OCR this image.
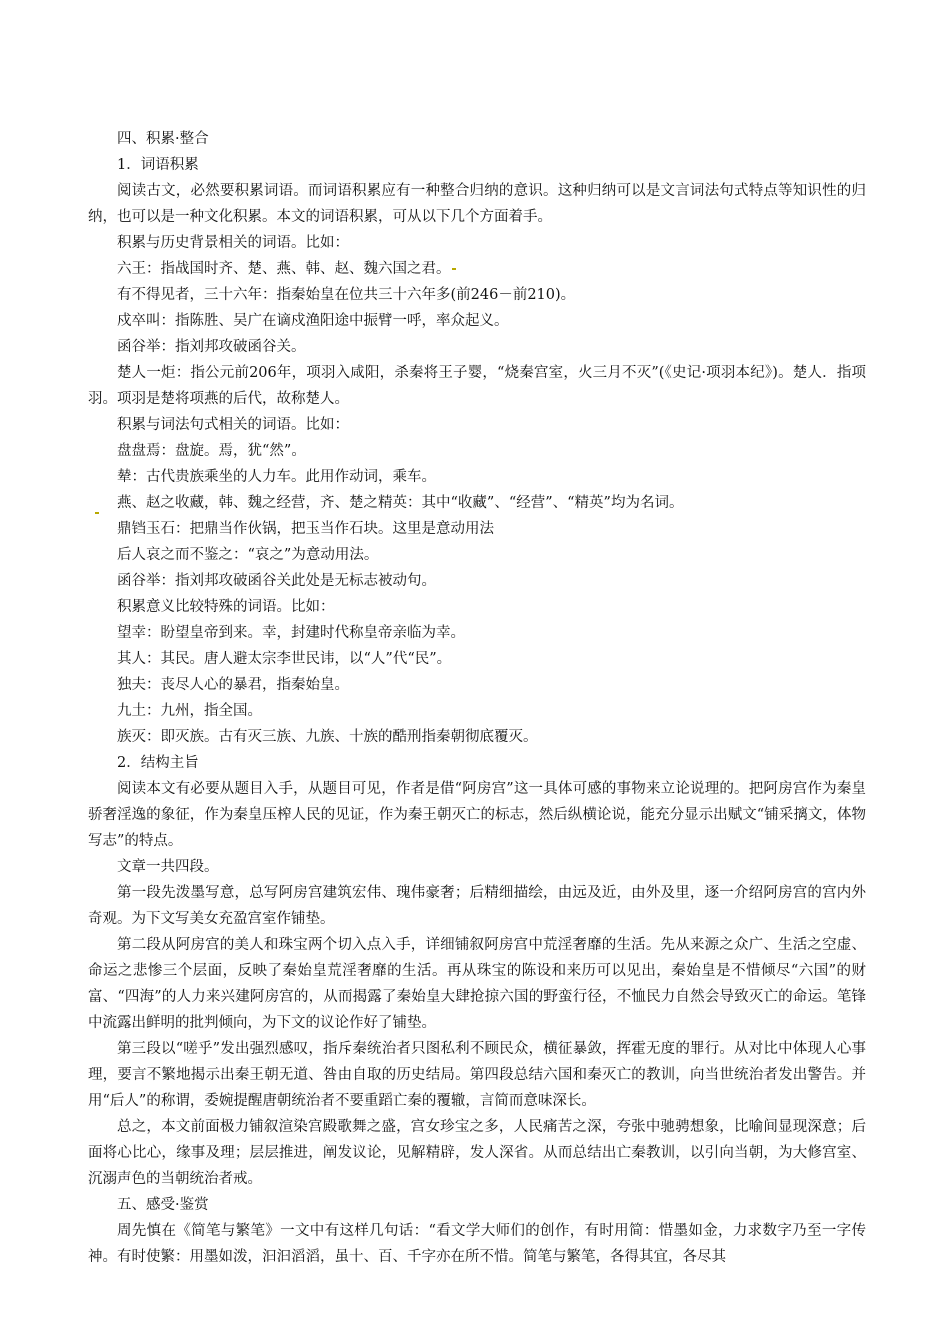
四、积累·整合

1．词语积累

阅读古文，必然要积累词语。而词语积累应有一种整合归纳的意识。这种归纳可以是文言词法句式特点等知识性的归纳，也可以是一种文化积累。本文的词语积累，可从以下几个方面着手。

积累与历史背景相关的词语。比如：

六王：指战国时齐、楚、燕、韩、赵、魏六国之君。

有不得见者，三十六年：指秦始皇在位共三十六年多(前246－前210)。

戍卒叫：指陈胜、吴广在谪戍渔阳途中振臂一呼，率众起义。

函谷举：指刘邦攻破函谷关。

楚人一炬：指公元前206年，项羽入咸阳，杀秦将王子婴，“烧秦宫室，火三月不灭”(《史记·项羽本纪》)。楚人．指项羽。项羽是楚将项燕的后代，故称楚人。

积累与词法句式相关的词语。比如：

盘盘焉：盘旋。焉，犹“然”。

辇：古代贵族乘坐的人力车。此用作动词，乘车。

燕、赵之收藏，韩、魏之经营，齐、楚之精英：其中“收藏”、“经营”、“精英”均为名词。

鼎铛玉石：把鼎当作伙锅，把玉当作石块。这里是意动用法

后人哀之而不鉴之：“哀之”为意动用法。

函谷举：指刘邦攻破函谷关此处是无标志被动句。

积累意义比较特殊的词语。比如：

望幸：盼望皇帝到来。幸，封建时代称皇帝亲临为幸。

其人：其民。唐人避太宗李世民讳，以“人”代“民”。

独夫：丧尽人心的暴君，指秦始皇。

九土：九州，指全国。

族灭：即灭族。古有灭三族、九族、十族的酷刑指秦朝彻底覆灭。

2．结构主旨

阅读本文有必要从题目入手，从题目可见，作者是借“阿房宫”这一具体可感的事物来立论说理的。把阿房宫作为秦皇骄奢淫逸的象征，作为秦皇压榨人民的见证，作为秦王朝灭亡的标志，然后纵横论说，能充分显示出赋文“铺采摛文，体物写志”的特点。

文章一共四段。

第一段先泼墨写意，总写阿房宫建筑宏伟、瑰伟豪奢；后精细描绘，由远及近，由外及里，逐一介绍阿房宫的宫内外奇观。为下文写美女充盈宫室作铺垫。

第二段从阿房宫的美人和珠宝两个切入点入手，详细铺叙阿房宫中荒淫奢靡的生活。先从来源之众广、生活之空虚、命运之悲惨三个层面，反映了秦始皇荒淫奢靡的生活。再从珠宝的陈设和来历可以见出，秦始皇是不惜倾尽“六国”的财富、“四海”的人力来兴建阿房宫的，从而揭露了秦始皇大肆抢掠六国的野蛮行径，不恤民力自然会导致灭亡的命运。笔锋中流露出鲜明的批判倾向，为下文的议论作好了铺垫。

第三段以“嗟乎”发出强烈感叹，指斥秦统治者只图私利不顾民众，横征暴敛，挥霍无度的罪行。从对比中体现人心事理，要言不繁地揭示出秦王朝无道、咎由自取的历史结局。第四段总结六国和秦灭亡的教训，向当世统治者发出警告。并用“后人”的称谓，委婉提醒唐朝统治者不要重蹈亡秦的覆辙，言简而意味深长。

总之，本文前面极力铺叙渲染宫殿歌舞之盛，宫女珍宝之多，人民痛苦之深，夸张中驰骋想象，比喻间显现深意；后面将心比心，缘事及理；层层推进，阐发议论，见解精辟，发人深省。从而总结出亡秦教训，以引向当朝，为大修宫室、沉溺声色的当朝统治者戒。

五、感受·鉴赏

周先慎在《简笔与繁笔》一文中有这样几句话：“看文学大师们的创作，有时用简：惜墨如金，力求数字乃至一字传神。有时使繁：用墨如泼，汩汩滔滔，虽十、百、千字亦在所不惜。简笔与繁笔，各得其宜，各尽其
